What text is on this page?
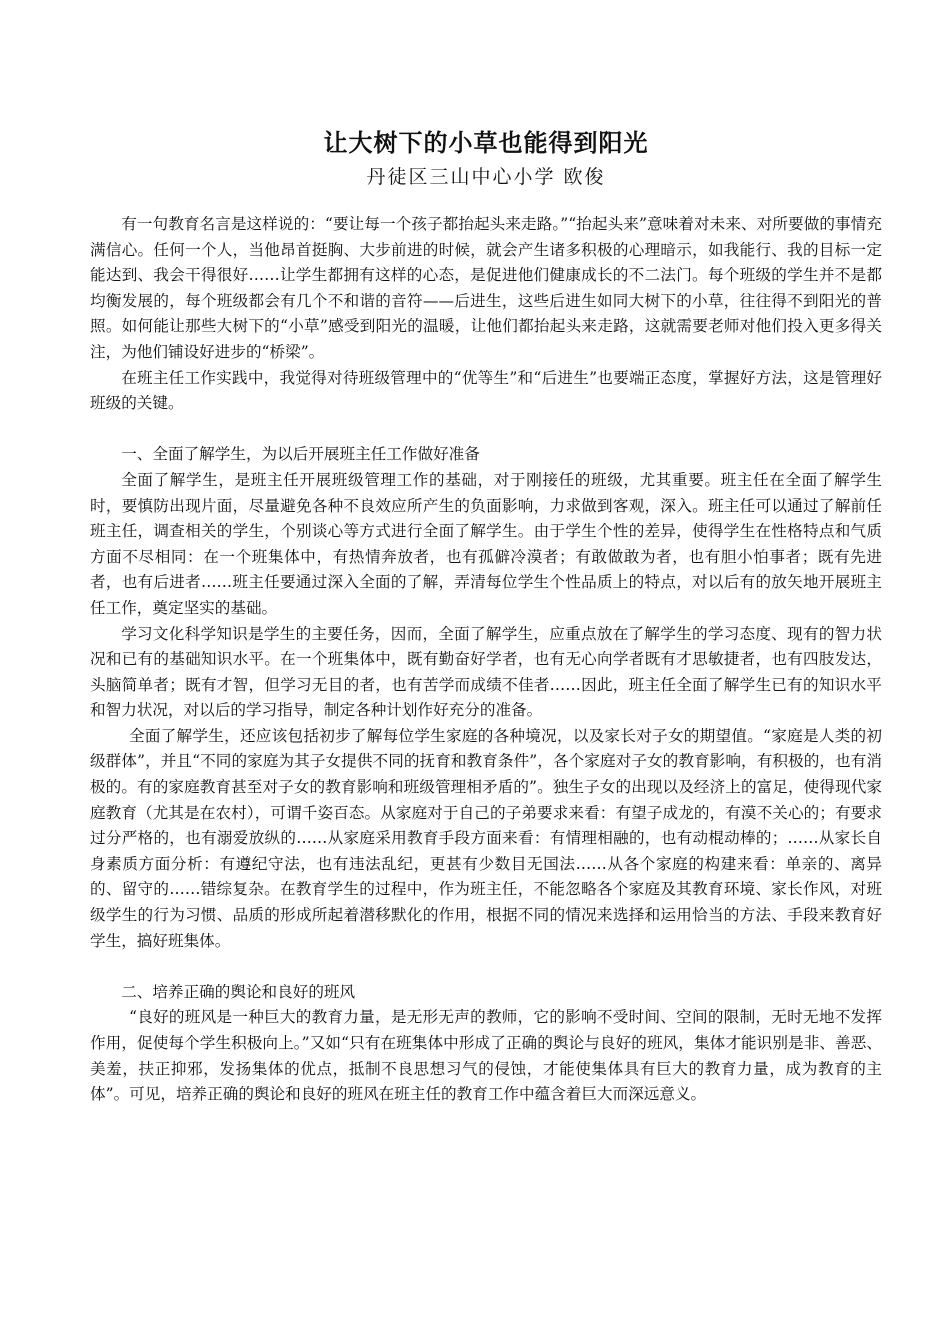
让大树下的小草也能得到阳光
丹徒区三山中心小学 欧俊

有一句教育名言是这样说的：“要让每一个孩子都抬起头来走路。”“抬起头来”意味着对未来、对所要做的事情充满信心。任何一个人，当他昂首挺胸、大步前进的时候，就会产生诸多积极的心理暗示，如我能行、我的目标一定能达到、我会干得很好……让学生都拥有这样的心态，是促进他们健康成长的不二法门。每个班级的学生并不是都均衡发展的，每个班级都会有几个不和谐的音符——后进生，这些后进生如同大树下的小草，往往得不到阳光的普照。如何能让那些大树下的“小草”感受到阳光的温暖，让他们都抬起头来走路，这就需要老师对他们投入更多得关注，为他们铺设好进步的“桥梁”。

在班主任工作实践中，我觉得对待班级管理中的“优等生”和“后进生”也要端正态度，掌握好方法，这是管理好班级的关键。

一、全面了解学生，为以后开展班主任工作做好准备

全面了解学生，是班主任开展班级管理工作的基础，对于刚接任的班级，尤其重要。班主任在全面了解学生时，要慎防出现片面，尽量避免各种不良效应所产生的负面影响，力求做到客观，深入。班主任可以通过了解前任班主任，调查相关的学生，个别谈心等方式进行全面了解学生。由于学生个性的差异，使得学生在性格特点和气质方面不尽相同：在一个班集体中，有热情奔放者，也有孤僻冷漠者；有敢做敢为者，也有胆小怕事者；既有先进者，也有后进者……班主任要通过深入全面的了解，弄清每位学生个性品质上的特点，对以后有的放矢地开展班主任工作，奠定坚实的基础。

学习文化科学知识是学生的主要任务，因而，全面了解学生，应重点放在了解学生的学习态度、现有的智力状况和已有的基础知识水平。在一个班集体中，既有勤奋好学者，也有无心向学者既有才思敏捷者，也有四肢发达，头脑简单者；既有才智，但学习无目的者，也有苦学而成绩不佳者……因此，班主任全面了解学生已有的知识水平和智力状况，对以后的学习指导，制定各种计划作好充分的准备。

全面了解学生，还应该包括初步了解每位学生家庭的各种境况，以及家长对子女的期望值。“家庭是人类的初级群体”，并且“不同的家庭为其子女提供不同的抚育和教育条件”，各个家庭对子女的教育影响，有积极的，也有消极的。有的家庭教育甚至对子女的教育影响和班级管理相矛盾的”。独生子女的出现以及经济上的富足，使得现代家庭教育（尤其是在农村），可谓千姿百态。从家庭对于自己的子弟要求来看：有望子成龙的，有漠不关心的；有要求过分严格的，也有溺爱放纵的……从家庭采用教育手段方面来看：有情理相融的，也有动棍动棒的；……从家长自身素质方面分析：有遵纪守法，也有违法乱纪，更甚有少数目无国法……从各个家庭的构建来看：单亲的、离异的、留守的……错综复杂。在教育学生的过程中，作为班主任，不能忽略各个家庭及其教育环境、家长作风，对班级学生的行为习惯、品质的形成所起着潜移默化的作用，根据不同的情况来选择和运用恰当的方法、手段来教育好学生，搞好班集体。

二、培养正确的舆论和良好的班风

“良好的班风是一种巨大的教育力量，是无形无声的教师，它的影响不受时间、空间的限制，无时无地不发挥作用，促使每个学生积极向上。”又如“只有在班集体中形成了正确的舆论与良好的班风，集体才能识别是非、善恶、美羞，扶正抑邪，发扬集体的优点，抵制不良思想习气的侵蚀，才能使集体具有巨大的教育力量，成为教育的主体”。可见，培养正确的舆论和良好的班风在班主任的教育工作中蕴含着巨大而深远意义。
